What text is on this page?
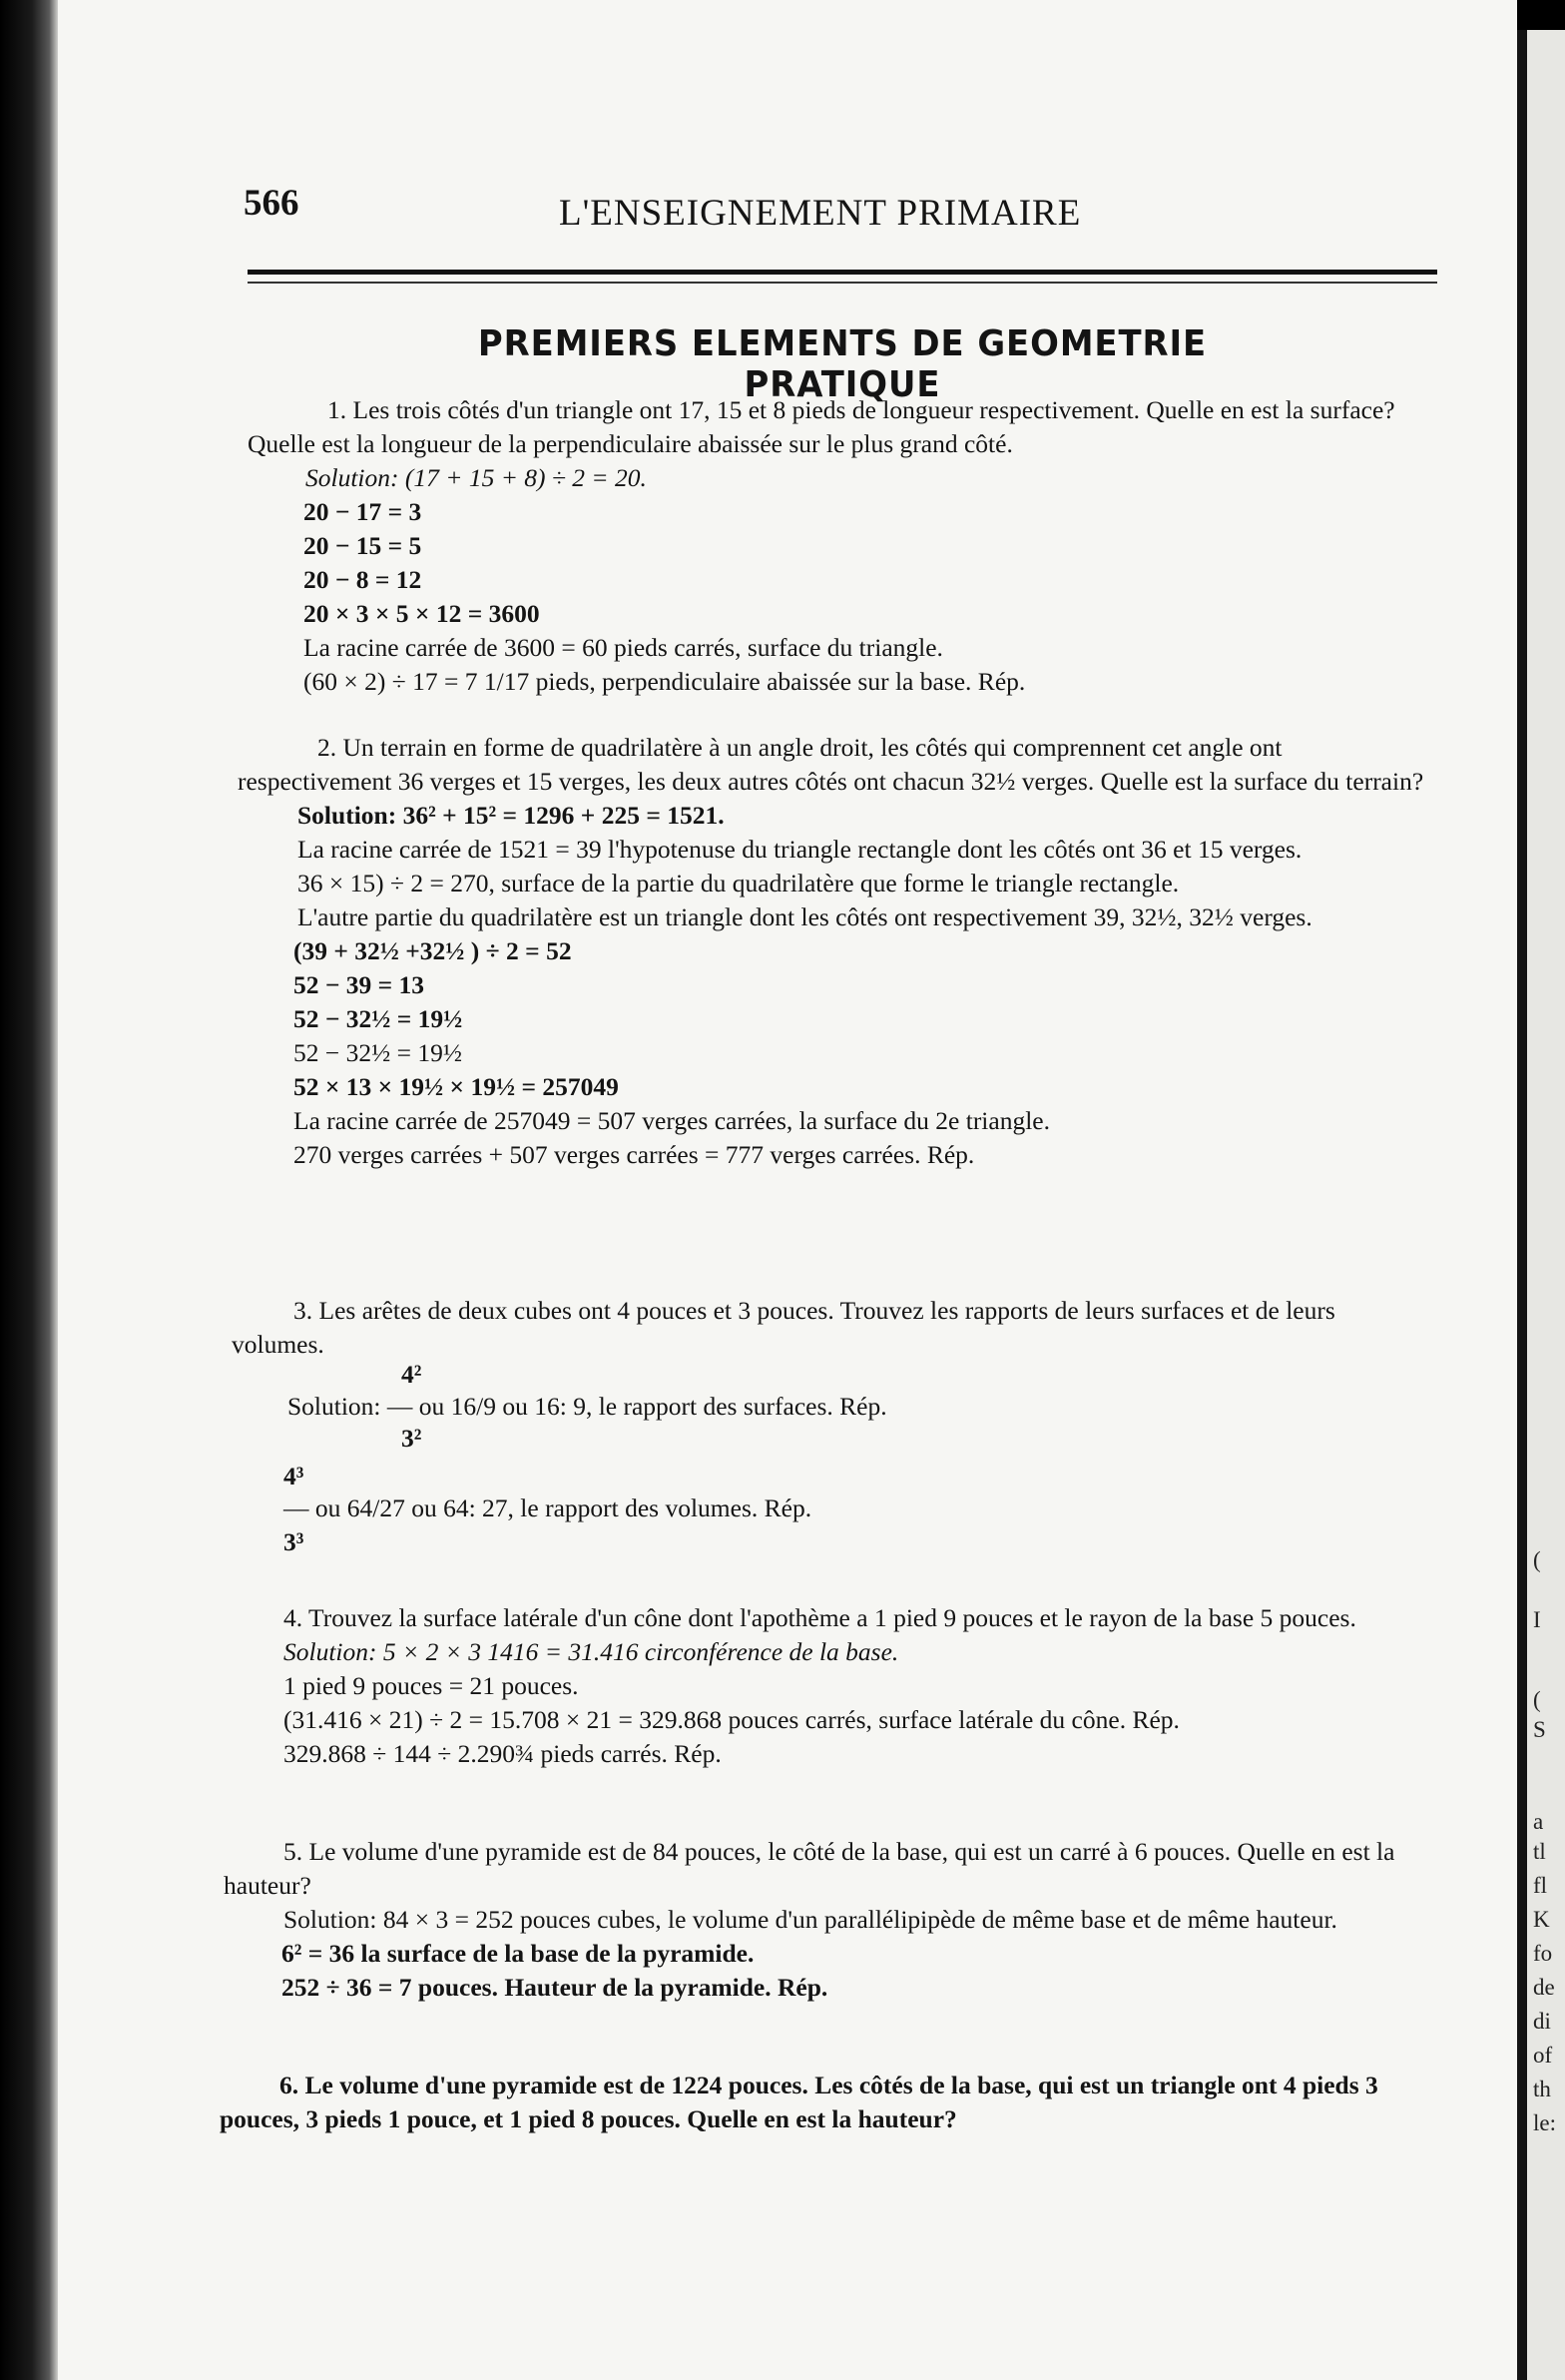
(
I
(
S
a
tl
fl
K
fo
de
di
of
th
le:
566	L'ENSEIGNEMENT PRIMAIRE
PREMIERS ELEMENTS DE GEOMETRIE PRATIQUE
1. Les trois côtés d'un triangle ont 17, 15 et 8 pieds de longueur respectivement. Quelle en est la surface? Quelle est la longueur de la perpendiculaire abaissée sur le plus grand côté.
Solution: (17 + 15 + 8) ÷ 2 = 20.
20 − 17 = 3
20 − 15 = 5
20 − 8 = 12
20 × 3 × 5 × 12 = 3600
La racine carrée de 3600 = 60 pieds carrés, surface du triangle.
(60 × 2) ÷ 17 = 7 1/17 pieds, perpendiculaire abaissée sur la base. Rép.
2. Un terrain en forme de quadrilatère à un angle droit, les côtés qui comprennent cet angle ont respectivement 36 verges et 15 verges, les deux autres côtés ont chacun 32½ verges. Quelle est la surface du terrain?
Solution: 36² + 15² = 1296 + 225 = 1521.
La racine carrée de 1521 = 39 l'hypotenuse du triangle rectangle dont les côtés ont 36 et 15 verges.
36 × 15) ÷ 2 = 270, surface de la partie du quadrilatère que forme le triangle rectangle.
L'autre partie du quadrilatère est un triangle dont les côtés ont respectivement 39, 32½, 32½ verges.
(39 + 32½ +32½ ) ÷ 2 = 52
52 − 39 = 13
52 − 32½ = 19½
52 − 32½ = 19½
52 × 13 × 19½ × 19½ = 257049
La racine carrée de 257049 = 507 verges carrées, la surface du 2e triangle.
270 verges carrées + 507 verges carrées = 777 verges carrées. Rép.
3. Les arêtes de deux cubes ont 4 pouces et 3 pouces. Trouvez les rapports de leurs surfaces et de leurs volumes.
4²
Solution: — ou 16/9 ou 16: 9, le rapport des surfaces. Rép.
3²
4³
— ou 64/27 ou 64: 27, le rapport des volumes. Rép.
3³
4. Trouvez la surface latérale d'un cône dont l'apothème a 1 pied 9 pouces et le rayon de la base 5 pouces.
Solution: 5 × 2 × 3 1416 = 31.416 circonférence de la base.
1 pied 9 pouces = 21 pouces.
(31.416 × 21) ÷ 2 = 15.708 × 21 = 329.868 pouces carrés, surface latérale du cône. Rép.
329.868 ÷ 144 ÷ 2.290¾ pieds carrés. Rép.
5. Le volume d'une pyramide est de 84 pouces, le côté de la base, qui est un carré à 6 pouces. Quelle en est la hauteur?
Solution: 84 × 3 = 252 pouces cubes, le volume d'un parallélipipède de même base et de même hauteur.
6² = 36 la surface de la base de la pyramide.
252 ÷ 36 = 7 pouces. Hauteur de la pyramide. Rép.
6. Le volume d'une pyramide est de 1224 pouces. Les côtés de la base, qui est un triangle ont 4 pieds 3 pouces, 3 pieds 1 pouce, et 1 pied 8 pouces. Quelle en est la hauteur?
